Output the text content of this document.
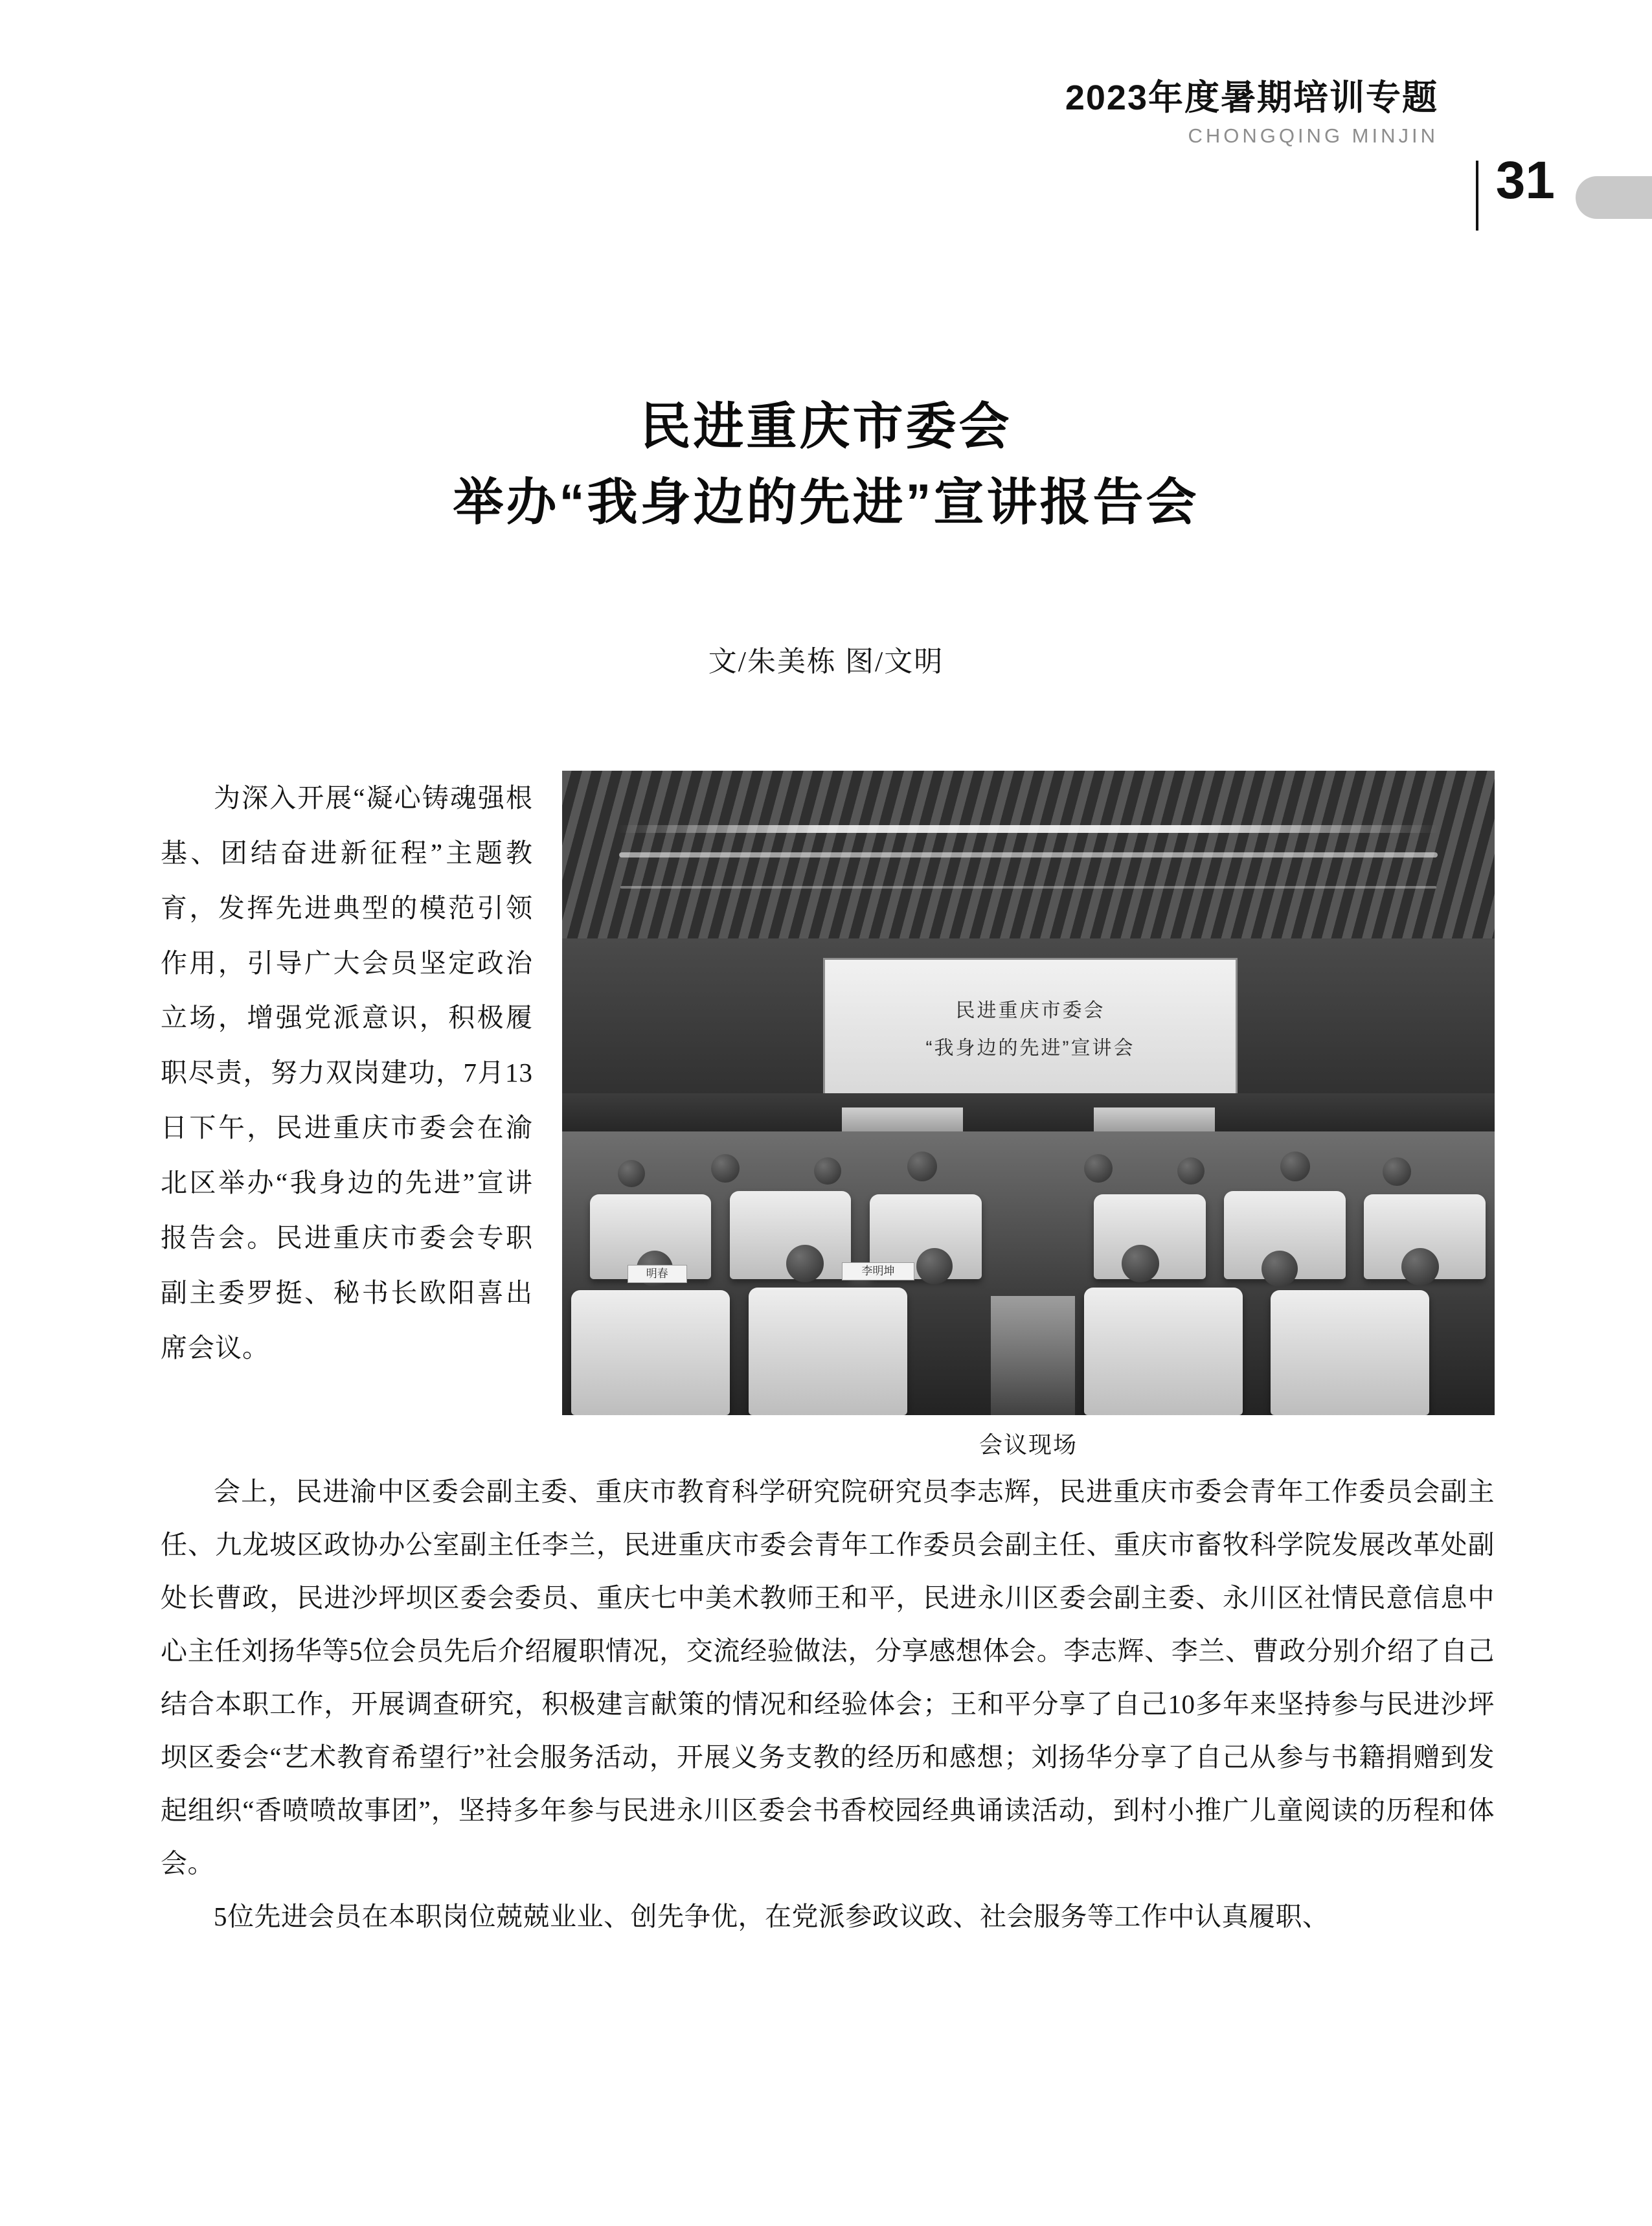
2023年度暑期培训专题
CHONGQING MINJIN
31
民进重庆市委会
举办“我身边的先进”宣讲报告会
文/朱美栋 图/文明

为深入开展“凝心铸魂强根基、团结奋进新征程”主题教育，发挥先进典型的模范引领作用，引导广大会员坚定政治立场，增强党派意识，积极履职尽责，努力双岗建功，7月13日下午，民进重庆市委会在渝北区举办“我身边的先进”宣讲报告会。民进重庆市委会专职副主委罗挺、秘书长欧阳喜出席会议。

民进重庆市委会
“我身边的先进”宣讲会
明春	李明坤
会议现场

会上，民进渝中区委会副主委、重庆市教育科学研究院研究员李志辉，民进重庆市委会青年工作委员会副主任、九龙坡区政协办公室副主任李兰，民进重庆市委会青年工作委员会副主任、重庆市畜牧科学院发展改革处副处长曹政，民进沙坪坝区委会委员、重庆七中美术教师王和平，民进永川区委会副主委、永川区社情民意信息中心主任刘扬华等5位会员先后介绍履职情况，交流经验做法，分享感想体会。李志辉、李兰、曹政分别介绍了自己结合本职工作，开展调查研究，积极建言献策的情况和经验体会；王和平分享了自己10多年来坚持参与民进沙坪坝区委会“艺术教育希望行”社会服务活动，开展义务支教的经历和感想；刘扬华分享了自己从参与书籍捐赠到发起组织“香喷喷故事团”，坚持多年参与民进永川区委会书香校园经典诵读活动，到村小推广儿童阅读的历程和体会。

5位先进会员在本职岗位兢兢业业、创先争优，在党派参政议政、社会服务等工作中认真履职、
